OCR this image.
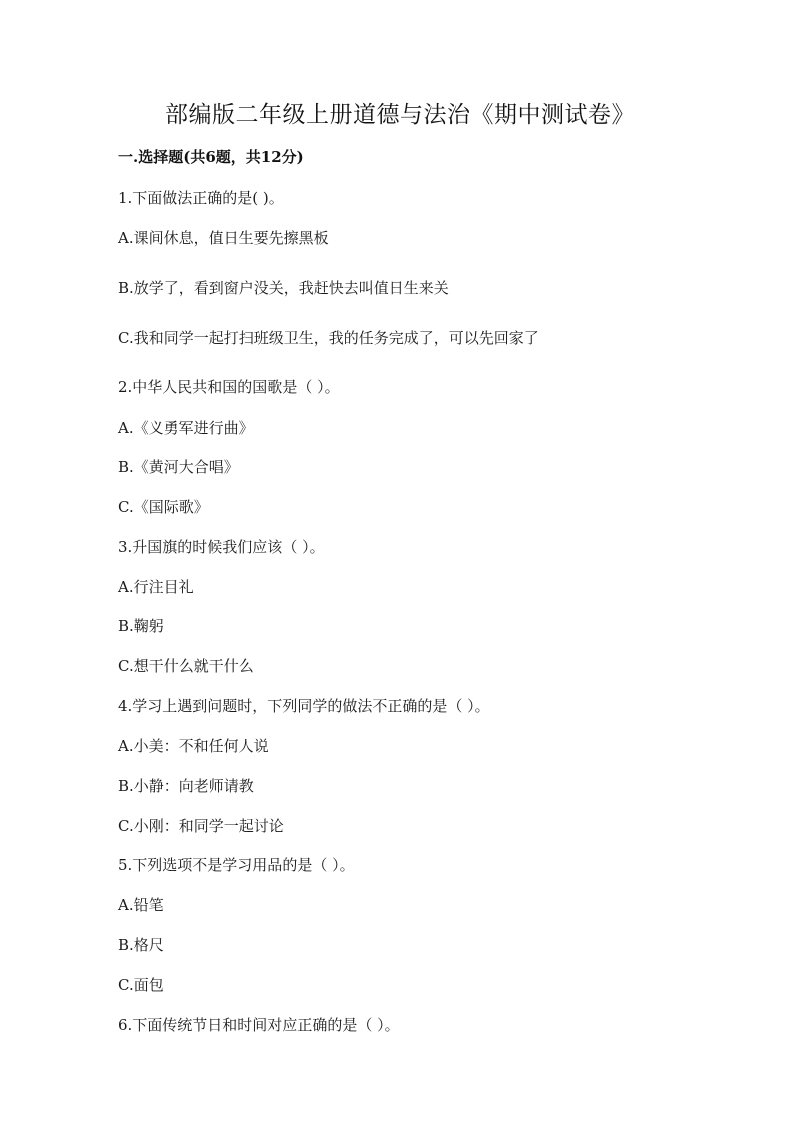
部编版二年级上册道德与法治《期中测试卷》
一.选择题(共6题，共12分)
1.下面做法正确的是( )。
A.课间休息，值日生要先擦黑板
B.放学了，看到窗户没关，我赶快去叫值日生来关
C.我和同学一起打扫班级卫生，我的任务完成了，可以先回家了
2.中华人民共和国的国歌是（ ）。
A.《义勇军进行曲》
B.《黄河大合唱》
C.《国际歌》
3.升国旗的时候我们应该（ ）。
A.行注目礼
B.鞠躬
C.想干什么就干什么
4.学习上遇到问题时，下列同学的做法不正确的是（ ）。
A.小美：不和任何人说
B.小静：向老师请教
C.小刚：和同学一起讨论
5.下列选项不是学习用品的是（ ）。
A.铅笔
B.格尺
C.面包
6.下面传统节日和时间对应正确的是（ ）。
